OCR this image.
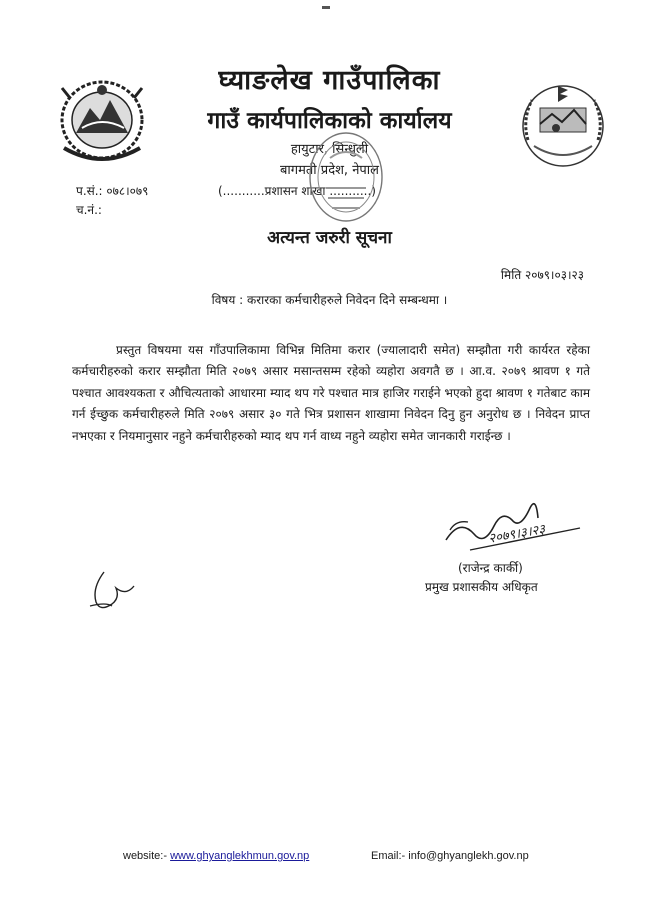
घ्याङलेख गाउँपालिका
गाउँ कार्यपालिकाको कार्यालय
हायुटार, सिन्धुली
बागमती प्रदेश, नेपाल
प.सं.: ०७८।०७९
च.नं.:
(...........प्रशासन शाखा ...........)
अत्यन्त जरुरी सूचना
मिति २०७९।०३।२३
विषय : करारका कर्मचारीहरुले निवेदन दिने सम्बन्धमा ।

प्रस्तुत विषयमा यस गाँउपालिकामा विभिन्न मितिमा करार (ज्यालादारी समेत) सम्झौता गरी कार्यरत रहेका कर्मचारीहरुको करार सम्झौता मिति २०७९ असार मसान्तसम्म रहेको व्यहोरा अवगतै छ । आ.व. २०७९ श्रावण १ गते पश्चात आवश्यकता र औचित्यताको आधारमा म्याद थप गरे पश्चात मात्र हाजिर गराईने भएको हुदा श्रावण १ गतेबाट काम गर्न ईच्छुक कर्मचारीहरुले मिति २०७९ असार ३० गते भित्र प्रशासन शाखामा निवेदन दिनु हुन अनुरोध छ । निवेदन प्राप्त नभएका र नियमानुसार नहुने कर्मचारीहरुको म्याद थप गर्न वाध्य नहुने व्यहोरा समेत जानकारी गराईन्छ ।

२०७९।३।२३
(राजेन्द्र कार्की)
प्रमुख प्रशासकीय अधिकृत
website:- www.ghyanglekhmun.gov.np	Email:- info@ghyanglekh.gov.np
